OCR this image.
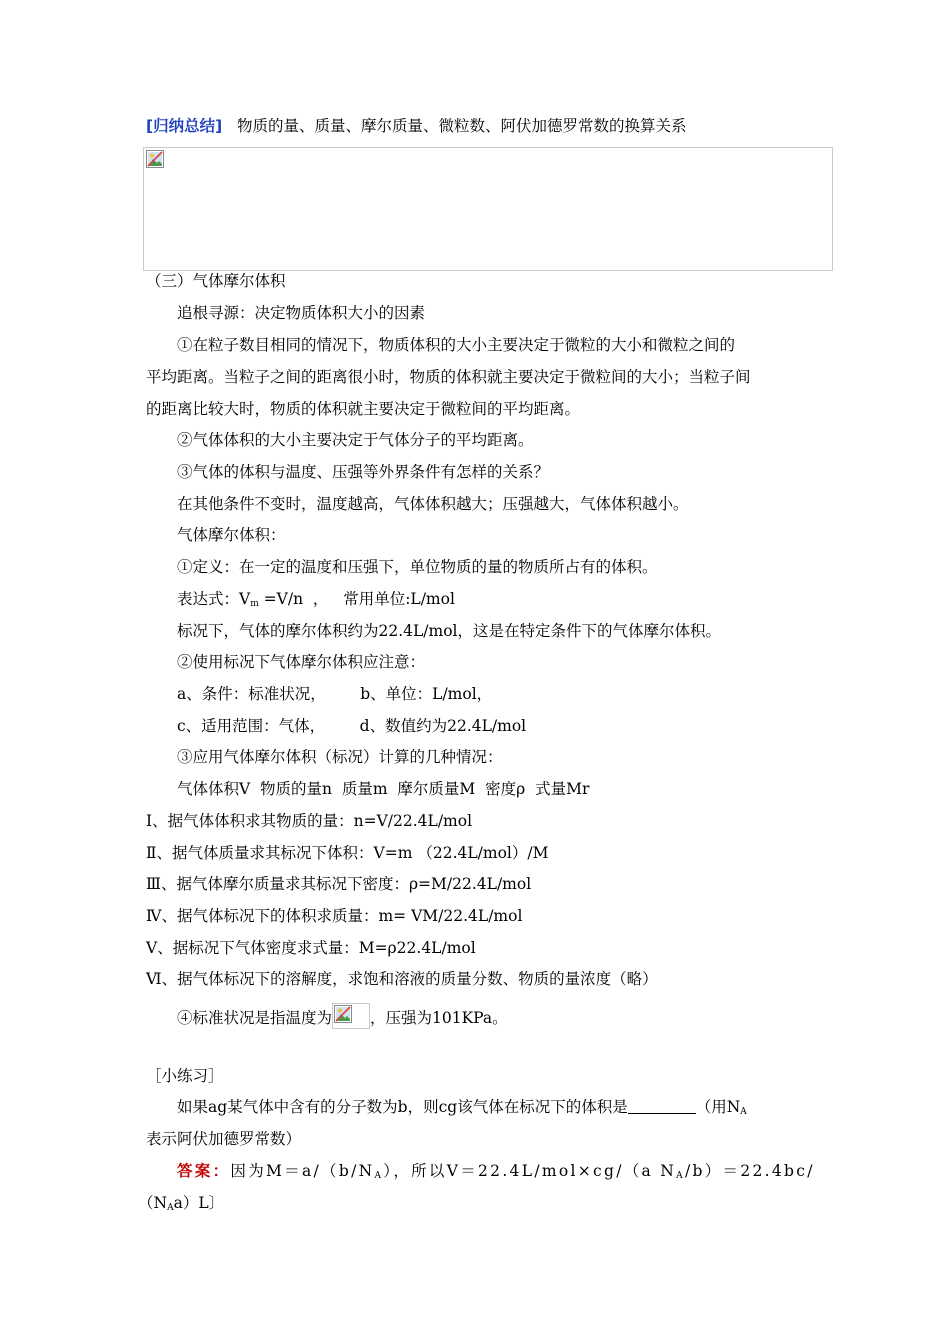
[归纳总结] 物质的量、质量、摩尔质量、微粒数、阿伏加德罗常数的换算关系
（三）气体摩尔体积
追根寻源：决定物质体积大小的因素
①在粒子数目相同的情况下，物质体积的大小主要决定于微粒的大小和微粒之间的
平均距离。当粒子之间的距离很小时，物质的体积就主要决定于微粒间的大小；当粒子间
的距离比较大时，物质的体积就主要决定于微粒间的平均距离。
②气体体积的大小主要决定于气体分子的平均距离。
③气体的体积与温度、压强等外界条件有怎样的关系？
在其他条件不变时，温度越高，气体体积越大；压强越大，气体体积越小。
气体摩尔体积：
①定义：在一定的温度和压强下，单位物质的量的物质所占有的体积。
表达式：$V_m =V/n$  ，   常用单位:L/mol
标况下，气体的摩尔体积约为22.4L/mol，这是在特定条件下的气体摩尔体积。
②使用标况下气体摩尔体积应注意：
a、条件：标准状况，       b、单位：L/mol，
c、适用范围：气体，       d、数值约为22.4L/mol
③应用气体摩尔体积（标况）计算的几种情况：
气体体积V  物质的量n  质量m  摩尔质量M  密度ρ  式量Mr
Ⅰ、据气体体积求其物质的量：n=V/22.4L/mol
Ⅱ、据气体质量求其标况下体积：V=m （22.4L/mol）/M
Ⅲ、据气体摩尔质量求其标况下密度：ρ=M/22.4L/mol
Ⅳ、据气体标况下的体积求质量：m= VM/22.4L/mol
Ⅴ、据标况下气体密度求式量：M=ρ22.4L/mol
Ⅵ、据气体标况下的溶解度，求饱和溶液的质量分数、物质的量浓度（略）
④标准状况是指温度为 ，压强为101KPa。
［小练习］
如果ag某气体中含有的分子数为b，则cg该气体在标况下的体积是	（用$N_A$
表示阿伏加德罗常数）
答案：因为$M=a/(b/N_A)$，所以V＝22.4L/mol×cg/（a $N_A/b)=22.4bc/$
$(N_Aa)L$〕
